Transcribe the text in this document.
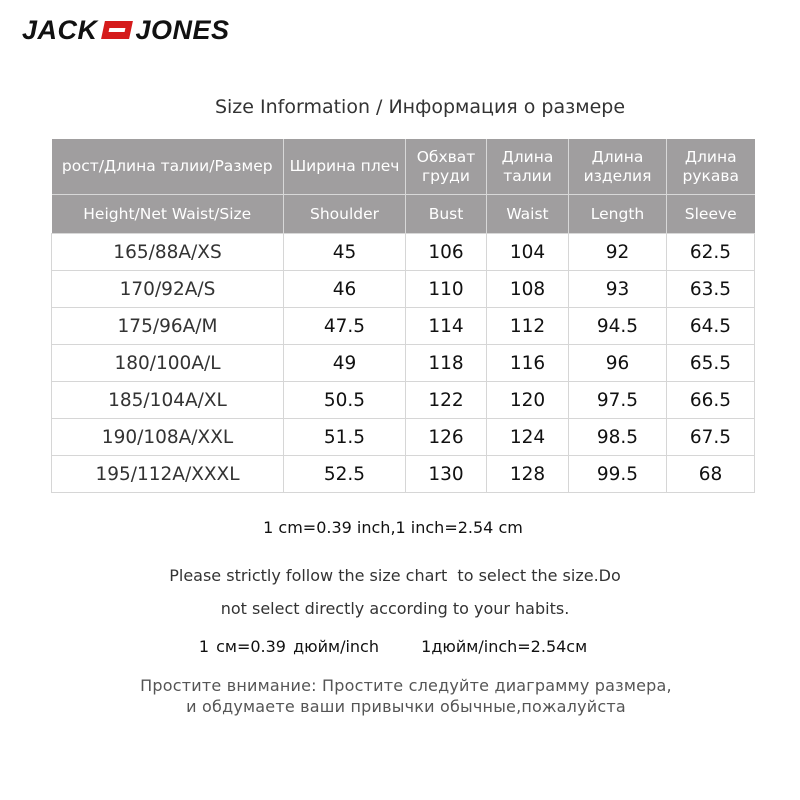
JACK JONES
Size Information / Информация о размере
рост/Длина талии/Размер	Ширина плеч	Обхват груди	Длина талии	Длина изделия	Длина рукава
Height/Net Waist/Size	Shoulder	Bust	Waist	Length	Sleeve
165/88A/XS	45	106	104	92	62.5
170/92A/S	46	110	108	93	63.5
175/96A/M	47.5	114	112	94.5	64.5
180/100A/L	49	118	116	96	65.5
185/104A/XL	50.5	122	120	97.5	66.5
190/108A/XXL	51.5	126	124	98.5	67.5
195/112A/XXXL	52.5	130	128	99.5	68
1 cm=0.39 inch,1 inch=2.54 cm
Please strictly follow the size chart  to select the size.Do
not select directly according to your habits.
1 см=0.39 дюйм/inch	1дюйм/inch=2.54см
Простите внимание: Простите следуйте диаграмму размера,
и обдумаете ваши привычки обычные,пожалуйста
